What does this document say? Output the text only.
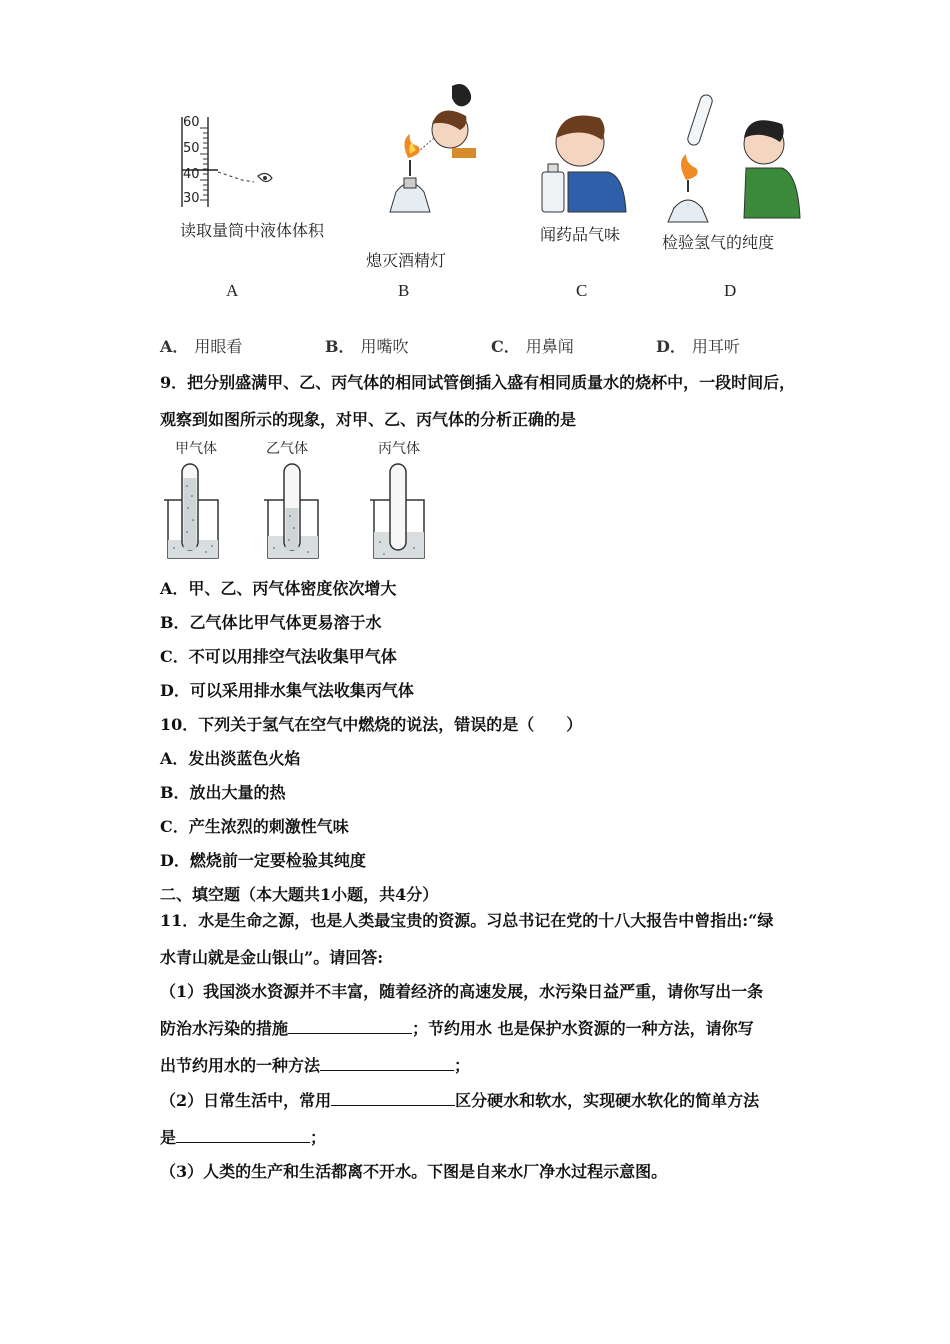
60
50
40
30
读取量筒中液体体积
熄灭酒精灯
闻药品气味	检验氢气的纯度
A	B	C	D
A． 用眼看	B． 用嘴吹	C． 用鼻闻	D． 用耳听
9．把分别盛满甲、乙、丙气体的相同试管倒插入盛有相同质量水的烧杯中，一段时间后，
观察到如图所示的现象，对甲、乙、丙气体的分析正确的是
甲气体	乙气体	丙气体
A．甲、乙、丙气体密度依次增大
B．乙气体比甲气体更易溶于水
C．不可以用排空气法收集甲气体
D．可以采用排水集气法收集丙气体
10．下列关于氢气在空气中燃烧的说法，错误的是（　　）
A．发出淡蓝色火焰
B．放出大量的热
C．产生浓烈的刺激性气味
D．燃烧前一定要检验其纯度
二、填空题（本大题共1小题，共4分）
11．水是生命之源，也是人类最宝贵的资源。习总书记在党的十八大报告中曾指出:“绿
水青山就是金山银山”。请回答:
（1）我国淡水资源并不丰富，随着经济的高速发展，水污染日益严重，请你写出一条
防治水污染的措施	；节约用水 也是保护水资源的一种方法，请你写
出节约用水的一种方法	；
（2）日常生活中，常用	区分硬水和软水，实现硬水软化的简单方法
是	；
（3）人类的生产和生活都离不开水。下图是自来水厂净水过程示意图。
